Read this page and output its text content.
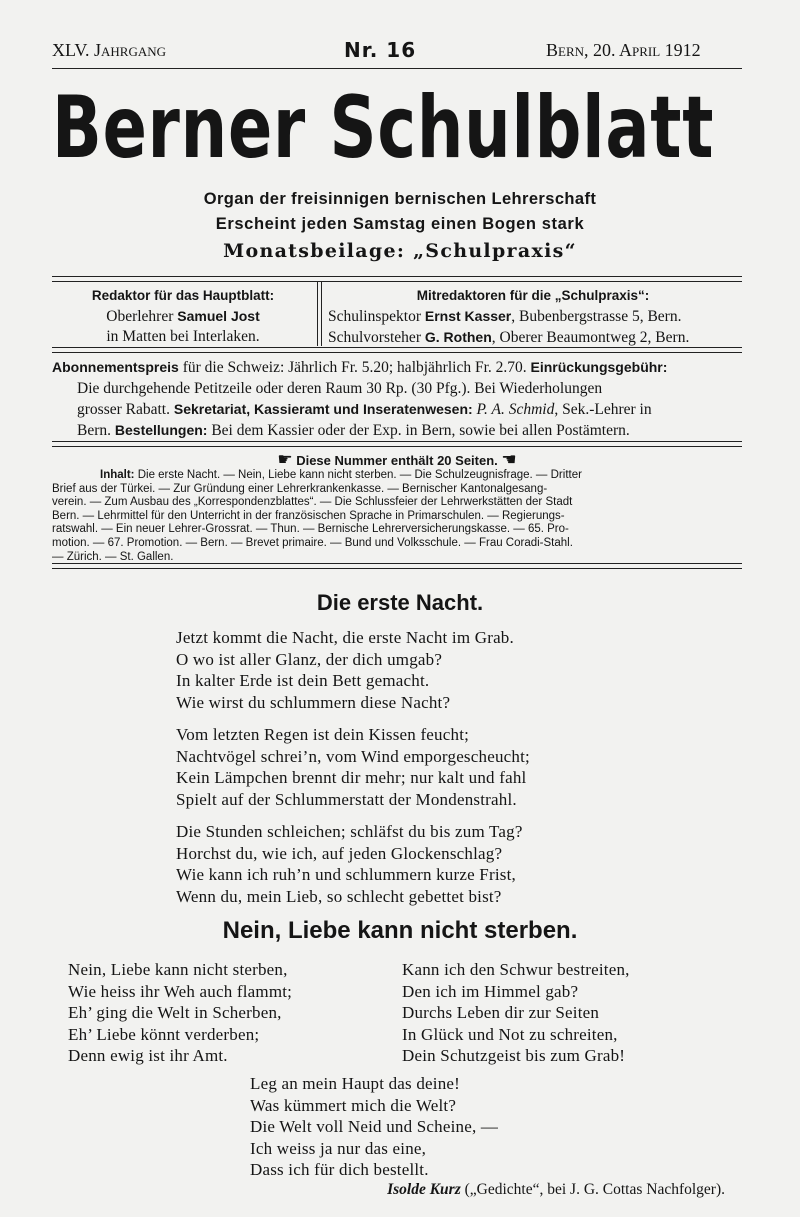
XLV. Jahrgang	Nr. 16	Bern, 20. April 1912
Berner Schulblatt
Organ der freisinnigen bernischen Lehrerschaft
Erscheint jeden Samstag einen Bogen stark
Monatsbeilage: „Schulpraxis“
Redaktor für das Hauptblatt:
Oberlehrer Samuel Jost
in Matten bei Interlaken.
Mitredaktoren für die „Schulpraxis“:
Schulinspektor Ernst Kasser, Bubenbergstrasse 5, Bern.
Schulvorsteher G. Rothen, Oberer Beaumontweg 2, Bern.
Abonnementspreis für die Schweiz: Jährlich Fr. 5.20; halbjährlich Fr. 2.70. Einrückungsgebühr:
Die durchgehende Petitzeile oder deren Raum 30 Rp. (30 Pfg.). Bei Wiederholungen
grosser Rabatt. Sekretariat, Kassieramt und Inseratenwesen: P. A. Schmid, Sek.-Lehrer in
Bern. Bestellungen: Bei dem Kassier oder der Exp. in Bern, sowie bei allen Postämtern.
☛ Diese Nummer enthält 20 Seiten. ☚
Inhalt: Die erste Nacht. — Nein, Liebe kann nicht sterben. — Die Schulzeugnisfrage. — Dritter
Brief aus der Türkei. — Zur Gründung einer Lehrerkrankenkasse. — Bernischer Kantonalgesang-
verein. — Zum Ausbau des „Korrespondenzblattes“. — Die Schlussfeier der Lehrwerkstätten der Stadt
Bern. — Lehrmittel für den Unterricht in der französischen Sprache in Primarschulen. — Regierungs-
ratswahl. — Ein neuer Lehrer-Grossrat. — Thun. — Bernische Lehrerversicherungskasse. — 65. Pro-
motion. — 67. Promotion. — Bern. — Brevet primaire. — Bund und Volksschule. — Frau Coradi-Stahl.
— Zürich. — St. Gallen.
Die erste Nacht.
Jetzt kommt die Nacht, die erste Nacht im Grab.
O wo ist aller Glanz, der dich umgab?
In kalter Erde ist dein Bett gemacht.
Wie wirst du schlummern diese Nacht?
Vom letzten Regen ist dein Kissen feucht;
Nachtvögel schrei’n, vom Wind emporgescheucht;
Kein Lämpchen brennt dir mehr; nur kalt und fahl
Spielt auf der Schlummerstatt der Mondenstrahl.
Die Stunden schleichen; schläfst du bis zum Tag?
Horchst du, wie ich, auf jeden Glockenschlag?
Wie kann ich ruh’n und schlummern kurze Frist,
Wenn du, mein Lieb, so schlecht gebettet bist?
Nein, Liebe kann nicht sterben.
Nein, Liebe kann nicht sterben,
Wie heiss ihr Weh auch flammt;
Eh’ ging die Welt in Scherben,
Eh’ Liebe könnt verderben;
Denn ewig ist ihr Amt.
Kann ich den Schwur bestreiten,
Den ich im Himmel gab?
Durchs Leben dir zur Seiten
In Glück und Not zu schreiten,
Dein Schutzgeist bis zum Grab!
Leg an mein Haupt das deine!
Was kümmert mich die Welt?
Die Welt voll Neid und Scheine, —
Ich weiss ja nur das eine,
Dass ich für dich bestellt.
Isolde Kurz („Gedichte“, bei J. G. Cottas Nachfolger).
